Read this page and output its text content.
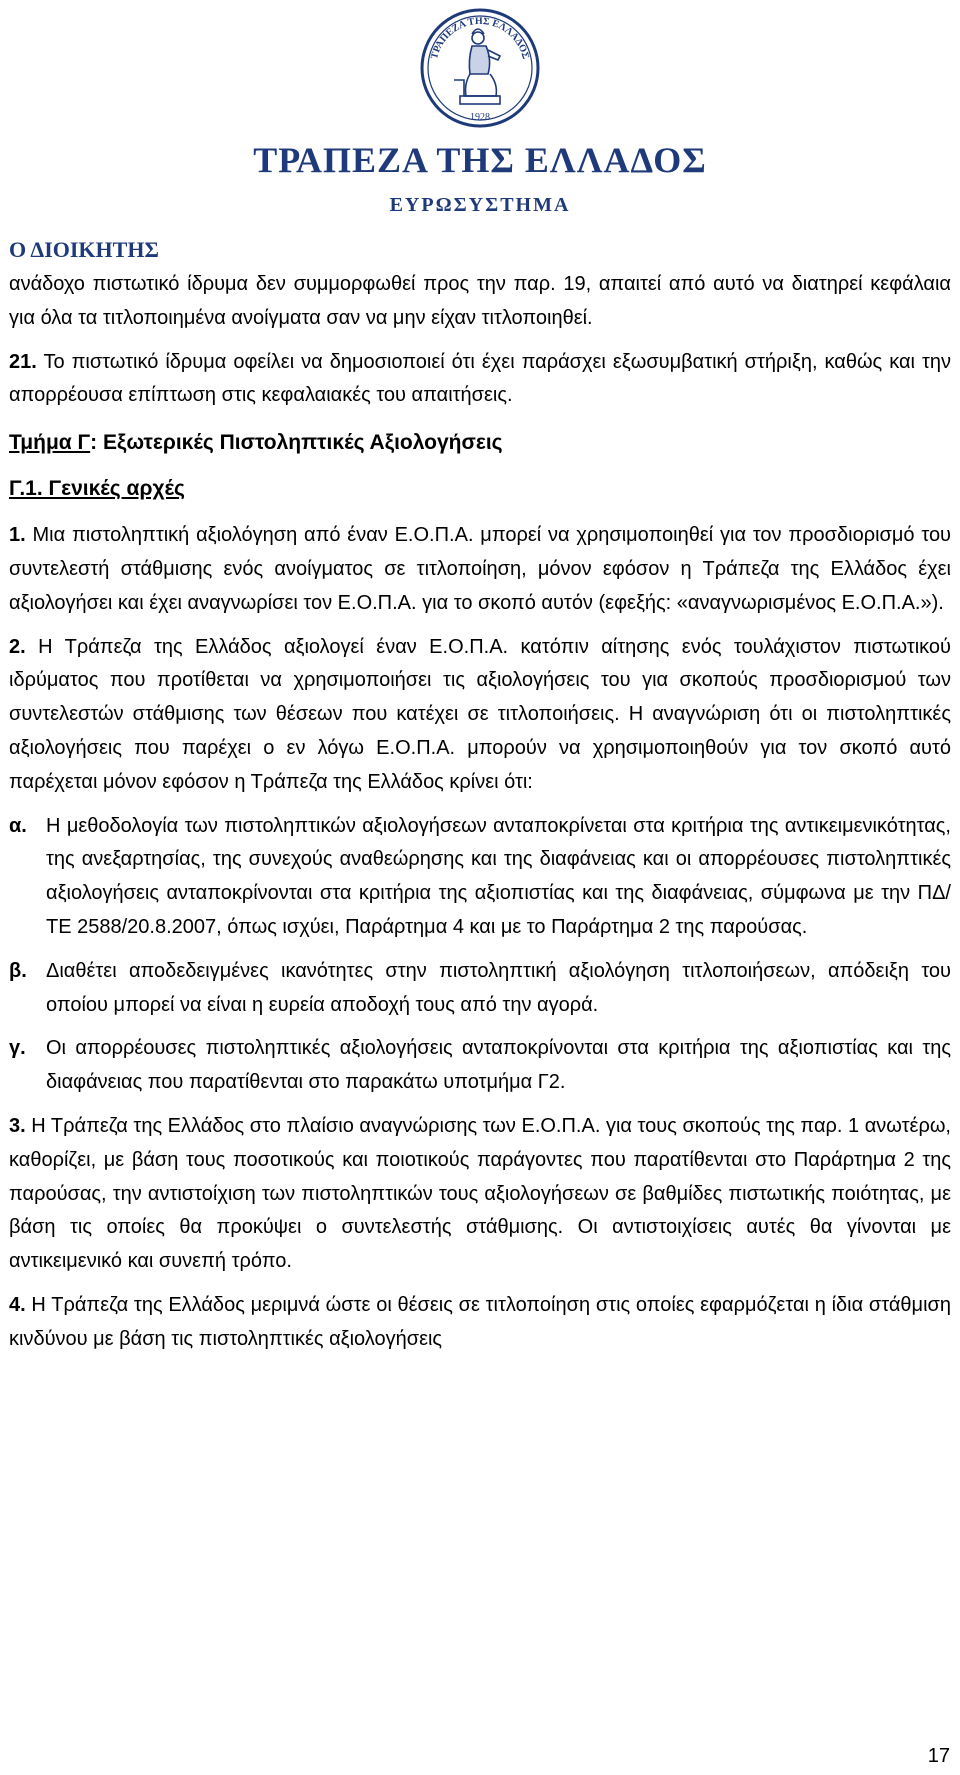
ΤΡΑΠΕΖΑ ΤΗΣ ΕΛΛΑΔΟΣ
1928
ΤΡΑΠΕΖΑ ΤΗΣ ΕΛΛΑΔΟΣ
ΕΥΡΩΣΥΣΤΗΜΑ
Ο ΔΙΟΙΚΗΤΗΣ

ανάδοχο πιστωτικό ίδρυμα δεν συμμορφωθεί προς την παρ. 19, απαιτεί από αυτό να διατηρεί κεφάλαια για όλα τα τιτλοποιημένα ανοίγματα σαν να μην είχαν τιτλοποιηθεί.

21. Το πιστωτικό ίδρυμα οφείλει να δημοσιοποιεί ότι έχει παράσχει εξωσυμβατική στήριξη, καθώς και την απορρέουσα επίπτωση στις κεφαλαιακές του απαιτήσεις.

Τμήμα Γ: Εξωτερικές Πιστοληπτικές Αξιολογήσεις

Γ.1. Γενικές αρχές

1. Μια πιστοληπτική αξιολόγηση από έναν Ε.Ο.Π.Α. μπορεί να χρησιμοποιηθεί για τον προσδιορισμό του συντελεστή στάθμισης ενός ανοίγματος σε τιτλοποίηση, μόνον εφόσον η Τράπεζα της Ελλάδος έχει αξιολογήσει και έχει αναγνωρίσει τον Ε.Ο.Π.Α. για το σκοπό αυτόν (εφεξής: «αναγνωρισμένος Ε.Ο.Π.Α.»).

2. Η Τράπεζα της Ελλάδος αξιολογεί έναν Ε.Ο.Π.Α. κατόπιν αίτησης ενός τουλάχιστον πιστωτικού ιδρύματος που προτίθεται να χρησιμοποιήσει τις αξιολογήσεις του για σκοπούς προσδιορισμού των συντελεστών στάθμισης των θέσεων που κατέχει σε τιτλοποιήσεις. Η αναγνώριση ότι οι πιστοληπτικές αξιολογήσεις που παρέχει ο εν λόγω Ε.Ο.Π.Α. μπορούν να χρησιμοποιηθούν για τον σκοπό αυτό παρέχεται μόνον εφόσον η Τράπεζα της Ελλάδος κρίνει ότι:

α. Η μεθοδολογία των πιστοληπτικών αξιολογήσεων ανταποκρίνεται στα κριτήρια της αντικειμενικότητας, της ανεξαρτησίας, της συνεχούς αναθεώρησης και της διαφάνειας και οι απορρέουσες πιστοληπτικές αξιολογήσεις ανταποκρίνονται στα κριτήρια της αξιοπιστίας και της διαφάνειας, σύμφωνα με την ΠΔ/ΤΕ 2588/20.8.2007, όπως ισχύει, Παράρτημα 4 και με το Παράρτημα 2 της παρούσας.

β. Διαθέτει αποδεδειγμένες ικανότητες στην πιστοληπτική αξιολόγηση τιτλοποιήσεων, απόδειξη του οποίου μπορεί να είναι η ευρεία αποδοχή τους από την αγορά.

γ.	Οι απορρέουσες πιστοληπτικές αξιολογήσεις ανταποκρίνονται στα κριτήρια της αξιοπιστίας και της διαφάνειας που παρατίθενται στο παρακάτω υποτμήμα Γ2.

3. Η Τράπεζα της Ελλάδος στο πλαίσιο αναγνώρισης των Ε.Ο.Π.Α. για τους σκοπούς της παρ. 1 ανωτέρω, καθορίζει, με βάση τους ποσοτικούς και ποιοτικούς παράγοντες που παρατίθενται στο Παράρτημα 2 της παρούσας, την αντιστοίχιση των πιστοληπτικών τους αξιολογήσεων σε βαθμίδες πιστωτικής ποιότητας, με βάση τις οποίες θα προκύψει ο συντελεστής στάθμισης. Οι αντιστοιχίσεις αυτές θα γίνονται με αντικειμενικό και συνεπή τρόπο.

4. Η Τράπεζα της Ελλάδος μεριμνά ώστε οι θέσεις σε τιτλοποίηση στις οποίες εφαρμόζεται η ίδια στάθμιση κινδύνου με βάση τις πιστοληπτικές αξιολογήσεις

17
